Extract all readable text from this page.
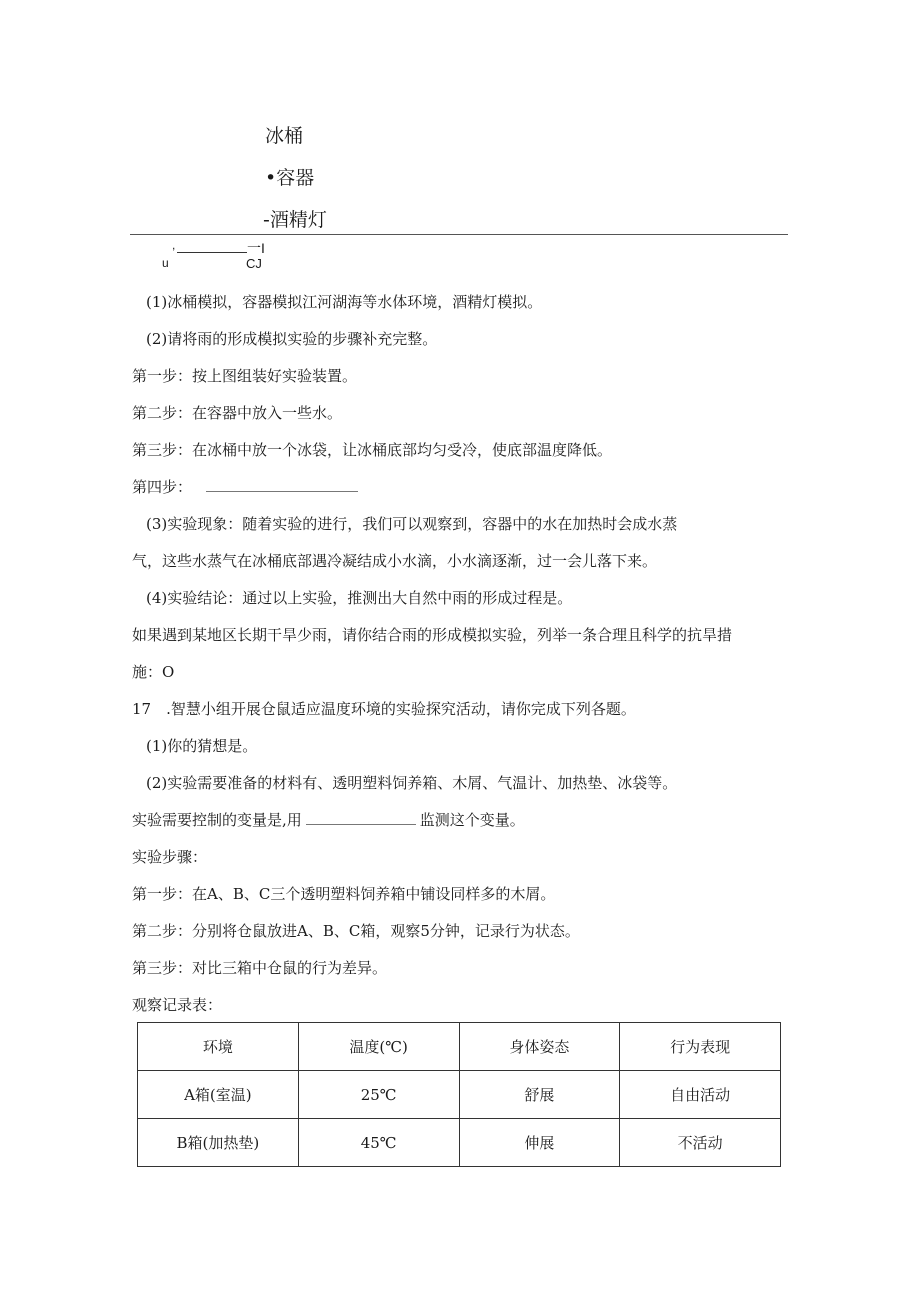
冰桶
•容器
-酒精灯
,	一I
u	CJ
(1)冰桶模拟，容器模拟江河湖海等水体环境，酒精灯模拟。
(2)请将雨的形成模拟实验的步骤补充完整。
第一步：按上图组装好实验装置。
第二步：在容器中放入一些水。
第三步：在冰桶中放一个冰袋，让冰桶底部均匀受冷，使底部温度降低。
第四步：
(3)实验现象：随着实验的进行，我们可以观察到，容器中的水在加热时会成水蒸
气，这些水蒸气在冰桶底部遇冷凝结成小水滴，小水滴逐渐，过一会儿落下来。
(4)实验结论：通过以上实验，推测出大自然中雨的形成过程是。
如果遇到某地区长期干旱少雨，请你结合雨的形成模拟实验，列举一条合理且科学的抗旱措
施：O
17　.智慧小组开展仓鼠适应温度环境的实验探究活动，请你完成下列各题。
(1)你的猜想是。
(2)实验需要准备的材料有、透明塑料饲养箱、木屑、气温计、加热垫、冰袋等。
实验需要控制的变量是,用	监测这个变量。
实验步骤：
第一步：在A、B、C三个透明塑料饲养箱中铺设同样多的木屑。
第二步：分别将仓鼠放进A、B、C箱，观察5分钟，记录行为状态。
第三步：对比三箱中仓鼠的行为差异。
观察记录表：
环境	温度(℃)	身体姿态	行为表现
A箱(室温)	25℃	舒展	自由活动
B箱(加热垫)	45℃	伸展	不活动
